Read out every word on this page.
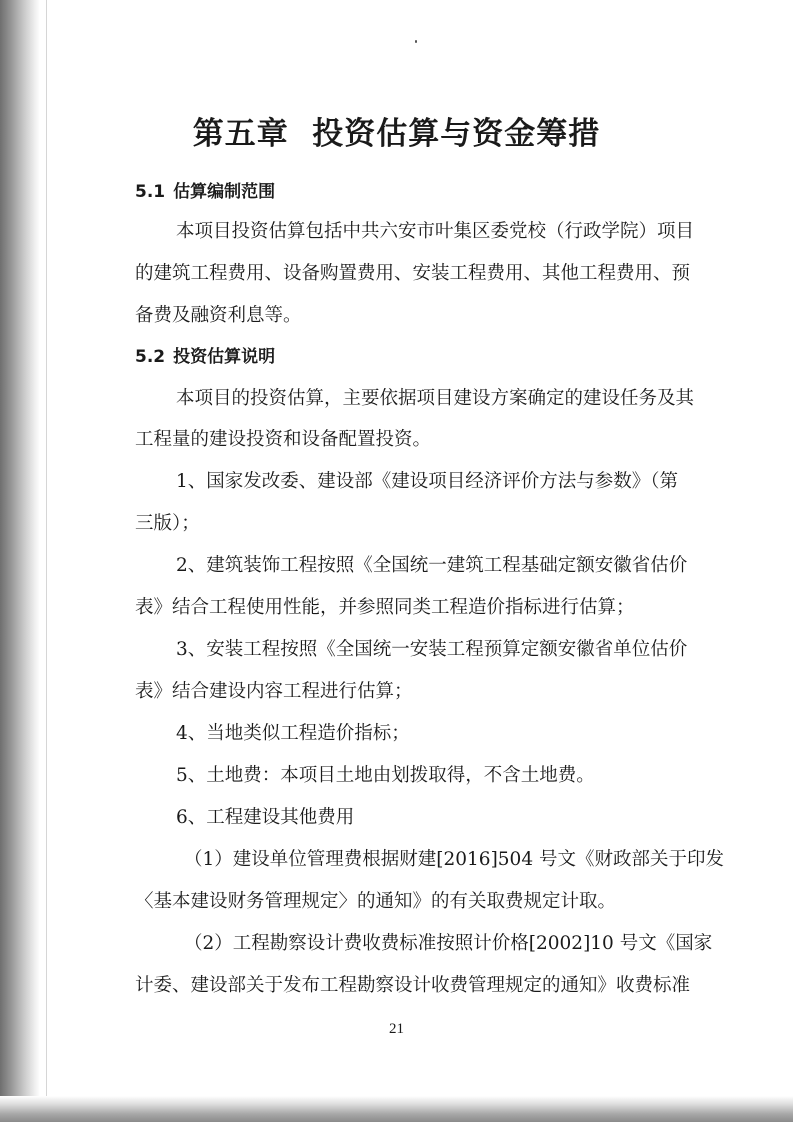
第五章  投资估算与资金筹措
5.1 估算编制范围
本项目投资估算包括中共六安市叶集区委党校（行政学院）项目
的建筑工程费用、设备购置费用、安装工程费用、其他工程费用、预
备费及融资利息等。
5.2 投资估算说明
本项目的投资估算，主要依据项目建设方案确定的建设任务及其
工程量的建设投资和设备配置投资。
1、国家发改委、建设部《建设项目经济评价方法与参数》（第
三版）；
2、建筑装饰工程按照《全国统一建筑工程基础定额安徽省估价
表》结合工程使用性能，并参照同类工程造价指标进行估算；
3、安装工程按照《全国统一安装工程预算定额安徽省单位估价
表》结合建设内容工程进行估算；
4、当地类似工程造价指标；
5、土地费：本项目土地由划拨取得，不含土地费。
6、工程建设其他费用
（1）建设单位管理费根据财建[2016]504 号文《财政部关于印发
〈基本建设财务管理规定〉的通知》的有关取费规定计取。
（2）工程勘察设计费收费标准按照计价格[2002]10 号文《国家
计委、建设部关于发布工程勘察设计收费管理规定的通知》收费标准
21
